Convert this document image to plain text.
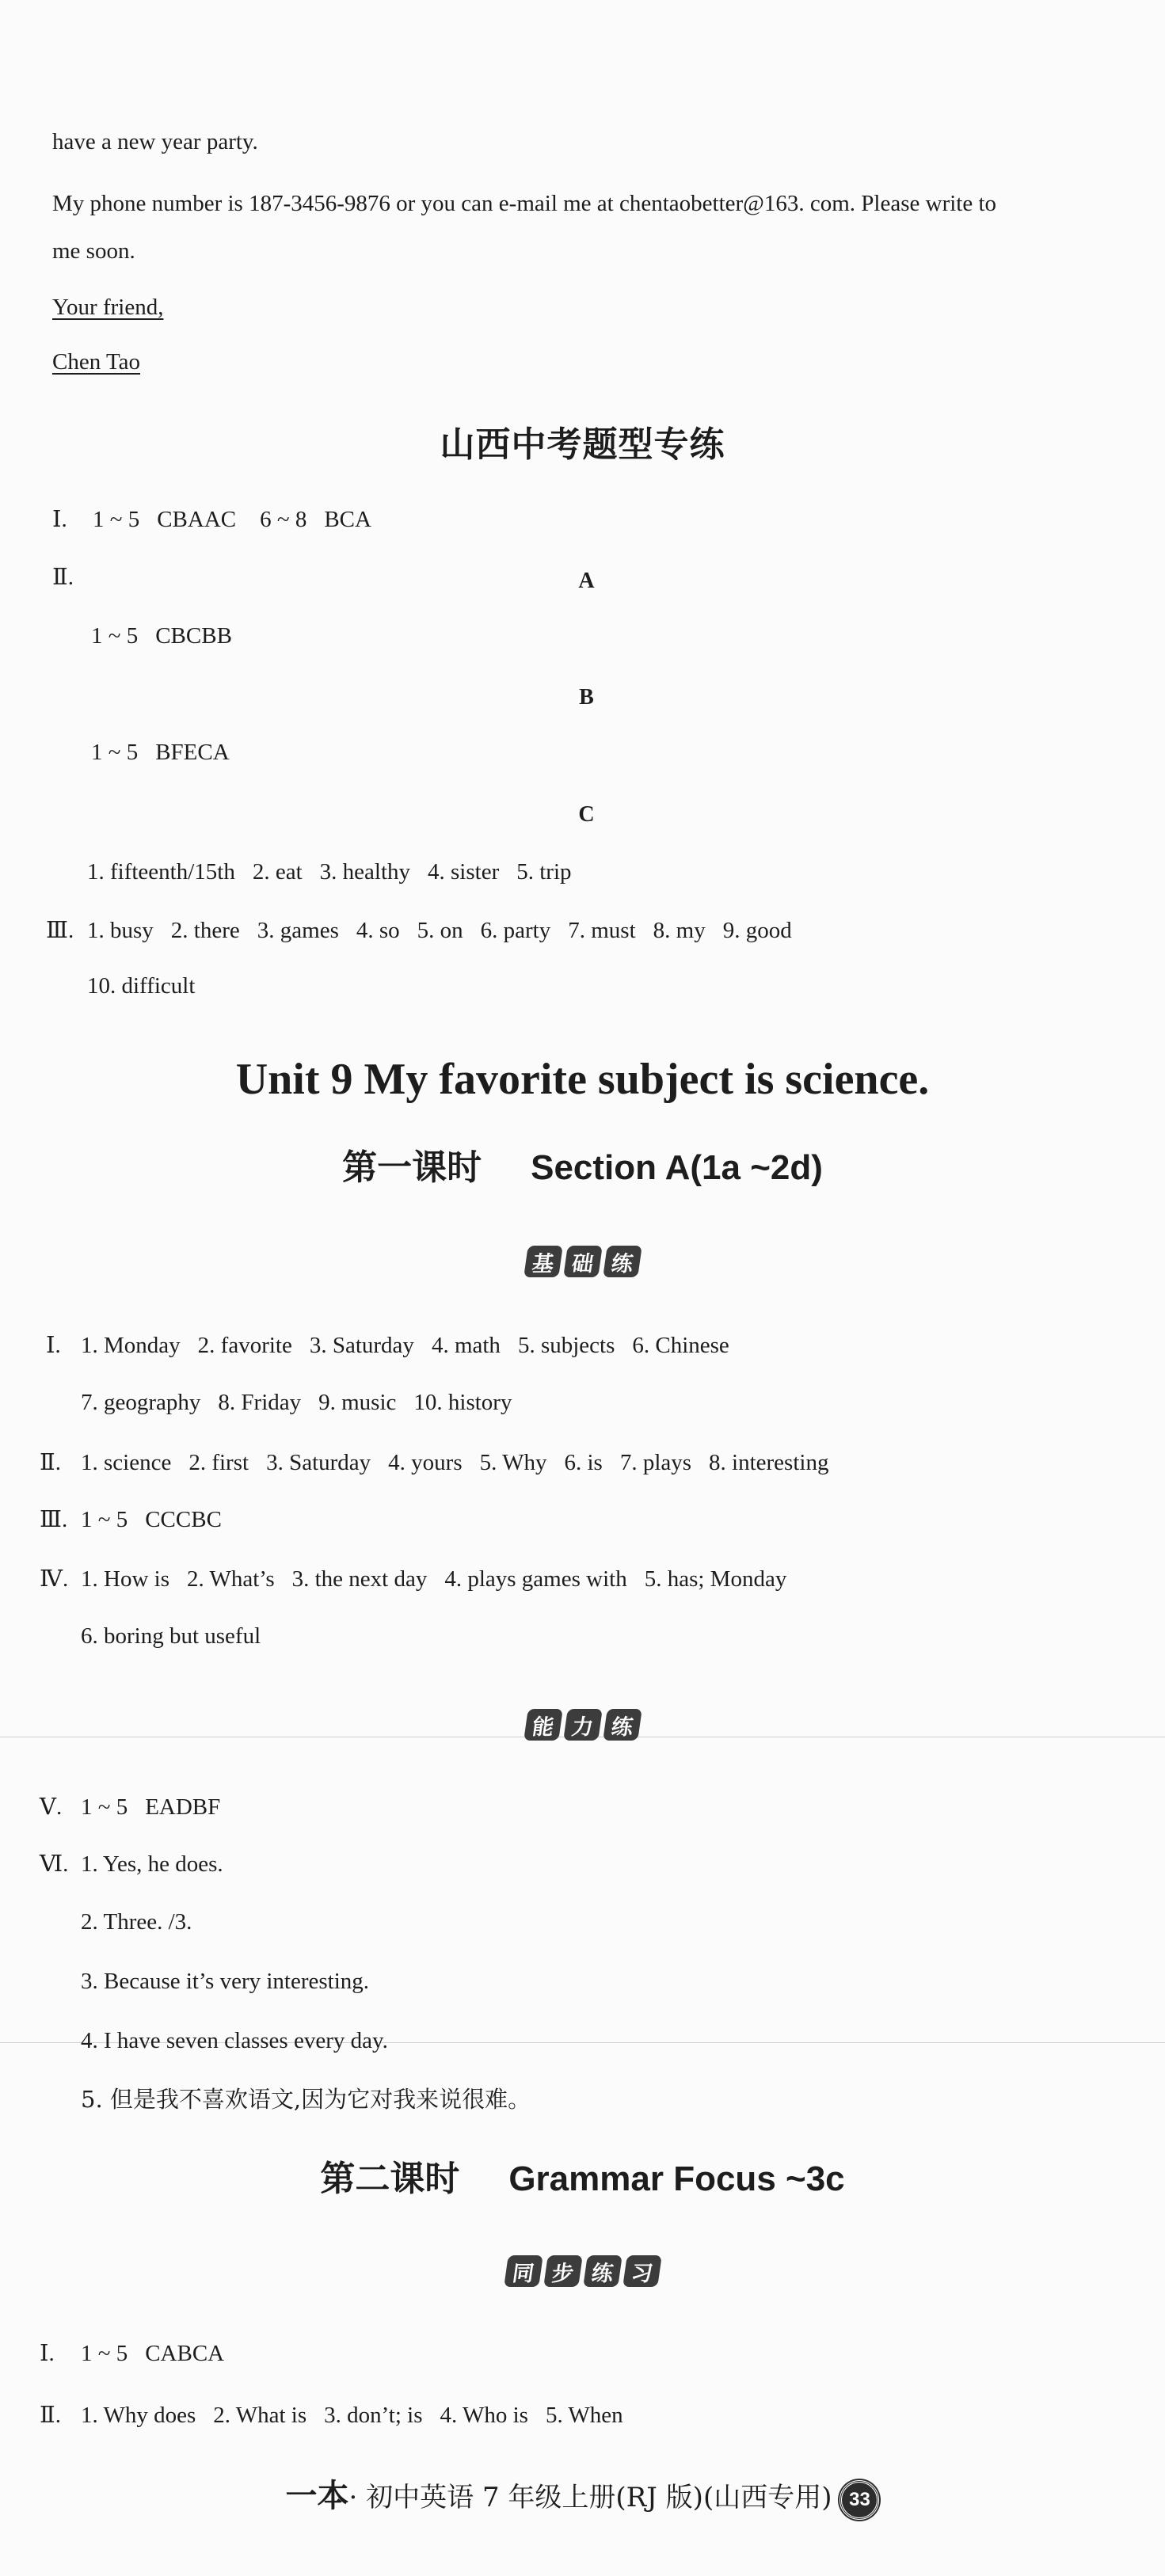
have a new year party.
My phone number is 187-3456-9876 or you can e-mail me at chentaobetter@163. com. Please write to
me soon.
Your friend,
Chen Tao
山西中考题型专练
Ⅰ. 1 ~ 5 CBAAC 6 ~ 8 BCA
Ⅱ.	A
1 ~ 5 CBCBB
B
1 ~ 5 BFECA
C
1. fifteenth/15th 2. eat 3. healthy 4. sister 5. trip
Ⅲ. 1. busy 2. there 3. games 4. so 5. on 6. party 7. must 8. my 9. good
10. difficult
Unit 9 My favorite subject is science.
第一课时 Section A(1a ~2d)
基 础 练
Ⅰ. 1. Monday 2. favorite 3. Saturday 4. math 5. subjects 6. Chinese
7. geography 8. Friday 9. music 10. history
Ⅱ. 1. science 2. first 3. Saturday 4. yours 5. Why 6. is 7. plays 8. interesting
Ⅲ. 1 ~ 5 CCCBC
Ⅳ. 1. How is 2. What’s 3. the next day 4. plays games with 5. has; Monday
6. boring but useful
能 力 练
Ⅴ. 1 ~ 5 EADBF
Ⅵ. 1. Yes, he does.
2. Three. /3.
3. Because it’s very interesting.
4. I have seven classes every day.
5. 但是我不喜欢语文,因为它对我来说很难。
第二课时 Grammar Focus ~3c
同 步 练 习
Ⅰ. 1 ~ 5 CABCA
Ⅱ. 1. Why does 2. What is 3. don’t; is 4. Who is 5. When
一本· 初中英语 7 年级上册(RJ 版)(山西专用) 33
